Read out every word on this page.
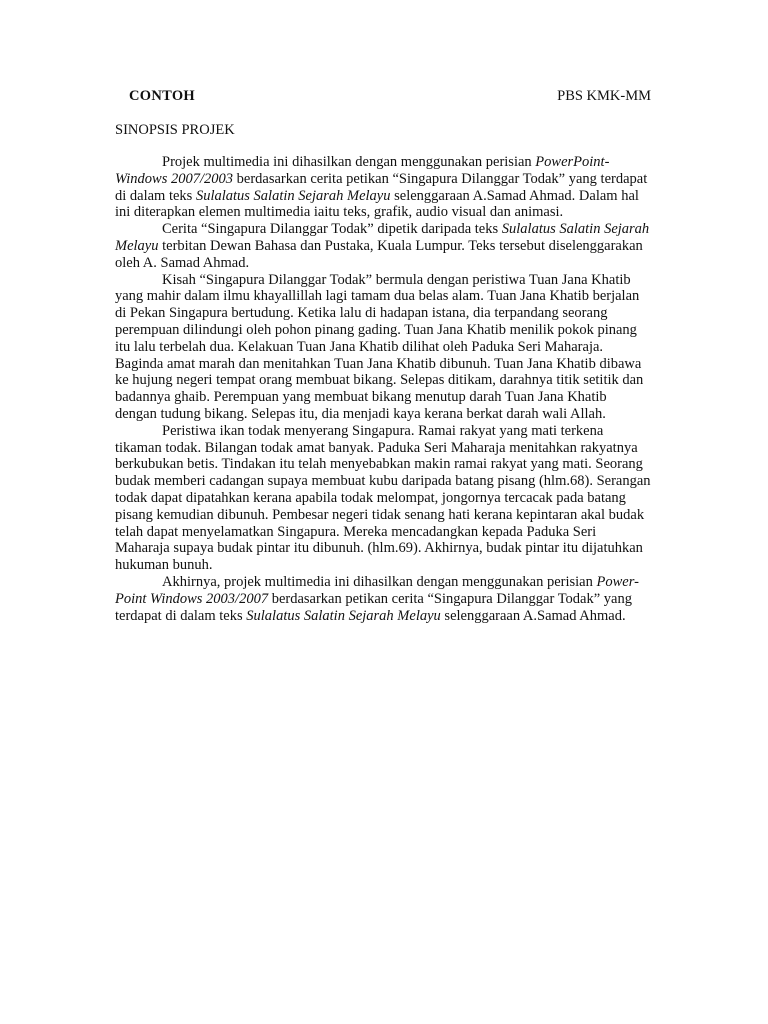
CONTOH	PBS KMK-MM
SINOPSIS PROJEK

Projek multimedia ini dihasilkan dengan menggunakan perisian PowerPoint-Windows 2007/2003 berdasarkan cerita petikan “Singapura Dilanggar Todak” yang terdapat di dalam teks Sulalatus Salatin Sejarah Melayu selenggaraan A.Samad Ahmad. Dalam hal ini diterapkan elemen multimedia iaitu teks, grafik, audio visual dan animasi.

Cerita “Singapura Dilanggar Todak” dipetik daripada teks Sulalatus Salatin Sejarah Melayu terbitan Dewan Bahasa dan Pustaka, Kuala Lumpur. Teks tersebut diselenggarakan oleh A. Samad Ahmad.

Kisah “Singapura Dilanggar Todak” bermula dengan peristiwa Tuan Jana Khatib yang mahir dalam ilmu khayallillah lagi tamam dua belas alam. Tuan Jana Khatib berjalan di Pekan Singapura bertudung. Ketika lalu di hadapan istana, dia terpandang seorang perempuan dilindungi oleh pohon pinang gading. Tuan Jana Khatib menilik pokok pinang itu lalu terbelah dua. Kelakuan Tuan Jana Khatib dilihat oleh Paduka Seri Maharaja. Baginda amat marah dan menitahkan Tuan Jana Khatib dibunuh. Tuan Jana Khatib dibawa ke hujung negeri tempat orang membuat bikang. Selepas ditikam, darahnya titik setitik dan badannya ghaib. Perempuan yang membuat bikang menutup darah Tuan Jana Khatib dengan tudung bikang. Selepas itu, dia menjadi kaya kerana berkat darah wali Allah.

Peristiwa ikan todak menyerang Singapura. Ramai rakyat yang mati terkena tikaman todak. Bilangan todak amat banyak. Paduka Seri Maharaja menitahkan rakyatnya berkubukan betis. Tindakan itu telah menyebabkan makin ramai rakyat yang mati. Seorang budak memberi cadangan supaya membuat kubu daripada batang pisang (hlm.68). Serangan todak dapat dipatahkan kerana apabila todak melompat, jongornya tercacak pada batang pisang kemudian dibunuh. Pembesar negeri tidak senang hati kerana kepintaran akal budak telah dapat menyelamatkan Singapura. Mereka mencadangkan kepada Paduka Seri Maharaja supaya budak pintar itu dibunuh. (hlm.69). Akhirnya, budak pintar itu dijatuhkan hukuman bunuh.

Akhirnya, projek multimedia ini dihasilkan dengan menggunakan perisian Power-Point Windows 2003/2007 berdasarkan petikan cerita “Singapura Dilanggar Todak” yang terdapat di dalam teks Sulalatus Salatin Sejarah Melayu selenggaraan A.Samad Ahmad.
